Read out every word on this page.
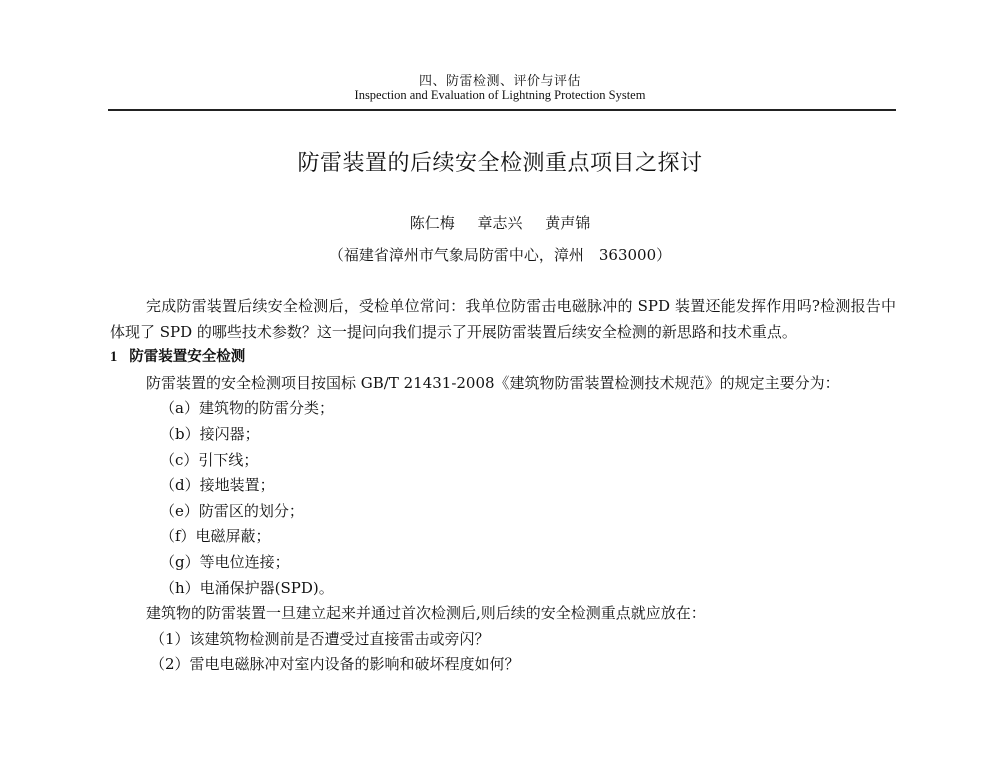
四、防雷检测、评价与评估
Inspection and Evaluation of Lightning Protection System
防雷装置的后续安全检测重点项目之探讨
陈仁梅 章志兴 黄声锦
（福建省漳州市气象局防雷中心，漳州　363000）

完成防雷装置后续安全检测后，受检单位常问：我单位防雷击电磁脉冲的 SPD 装置还能发挥作用吗?检测报告中体现了 SPD 的哪些技术参数？这一提问向我们提示了开展防雷装置后续安全检测的新思路和技术重点。

1 防雷装置安全检测

防雷装置的安全检测项目按国标 GB/T 21431-2008《建筑物防雷装置检测技术规范》的规定主要分为：

（a）建筑物的防雷分类；

（b）接闪器；

（c）引下线；

（d）接地装置；

（e）防雷区的划分；

（f）电磁屏蔽；

（g）等电位连接；

（h）电涌保护器(SPD)。

建筑物的防雷装置一旦建立起来并通过首次检测后,则后续的安全检测重点就应放在：

（1）该建筑物检测前是否遭受过直接雷击或旁闪？

（2）雷电电磁脉冲对室内设备的影响和破坏程度如何？
